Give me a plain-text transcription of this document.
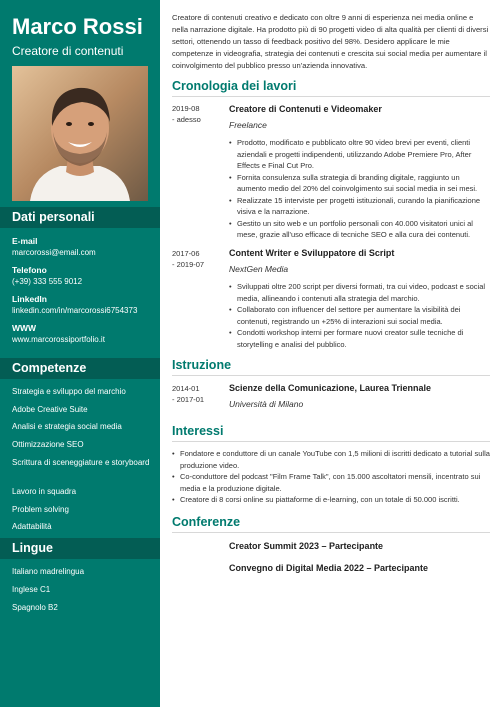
Marco Rossi
Creatore di contenuti
Dati personali
E-mail
marcorossi@email.com
Telefono
(+39) 333 555 9012
LinkedIn
linkedin.com/in/marcorossi6754373
WWW
www.marcorossiportfolio.it
Competenze
Strategia e sviluppo del marchio
Adobe Creative Suite
Analisi e strategia social media
Ottimizzazione SEO
Scrittura di sceneggiature e storyboard
Lavoro in squadra
Problem solving
Adattabilità
Lingue
Italiano madrelingua
Inglese C1
Spagnolo B2
Creatore di contenuti creativo e dedicato con oltre 9 anni di esperienza nei media online e nella narrazione digitale. Ha prodotto più di 90 progetti video di alta qualità per clienti di diversi settori, ottenendo un tasso di feedback positivo del 98%. Desidero applicare le mie competenze in videografia, strategia dei contenuti e crescita sui social media per aumentare il coinvolgimento del pubblico presso un'azienda innovativa.
Cronologia dei lavori
2019-08
- adesso
Creatore di Contenuti e Videomaker
Freelance
• Prodotto, modificato e pubblicato oltre 90 video brevi per eventi, clienti aziendali e progetti indipendenti, utilizzando Adobe Premiere Pro, After Effects e Final Cut Pro.
• Fornita consulenza sulla strategia di branding digitale, raggiunto un aumento medio del 20% del coinvolgimento sui social media in sei mesi.
• Realizzate 15 interviste per progetti istituzionali, curando la pianificazione visiva e la narrazione.
• Gestito un sito web e un portfolio personali con 40.000 visitatori unici al mese, grazie all'uso efficace di tecniche SEO e alla cura dei contenuti.
2017-06
- 2019-07
Content Writer e Sviluppatore di Script
NextGen Media
• Sviluppati oltre 200 script per diversi formati, tra cui video, podcast e social media, allineando i contenuti alla strategia del marchio.
• Collaborato con influencer del settore per aumentare la visibilità dei contenuti, registrando un +25% di interazioni sui social media.
• Condotti workshop interni per formare nuovi creator sulle tecniche di storytelling e analisi del pubblico.
Istruzione
2014-01
- 2017-01
Scienze della Comunicazione, Laurea Triennale
Università di Milano
Interessi
• Fondatore e conduttore di un canale YouTube con 1,5 milioni di iscritti dedicato a tutorial sulla produzione video.
• Co-conduttore del podcast "Film Frame Talk", con 15.000 ascoltatori mensili, incentrato sui media e la produzione digitale.
• Creatore di 8 corsi online su piattaforme di e-learning, con un totale di 50.000 iscritti.
Conferenze
Creator Summit 2023 – Partecipante
Convegno di Digital Media 2022 – Partecipante
